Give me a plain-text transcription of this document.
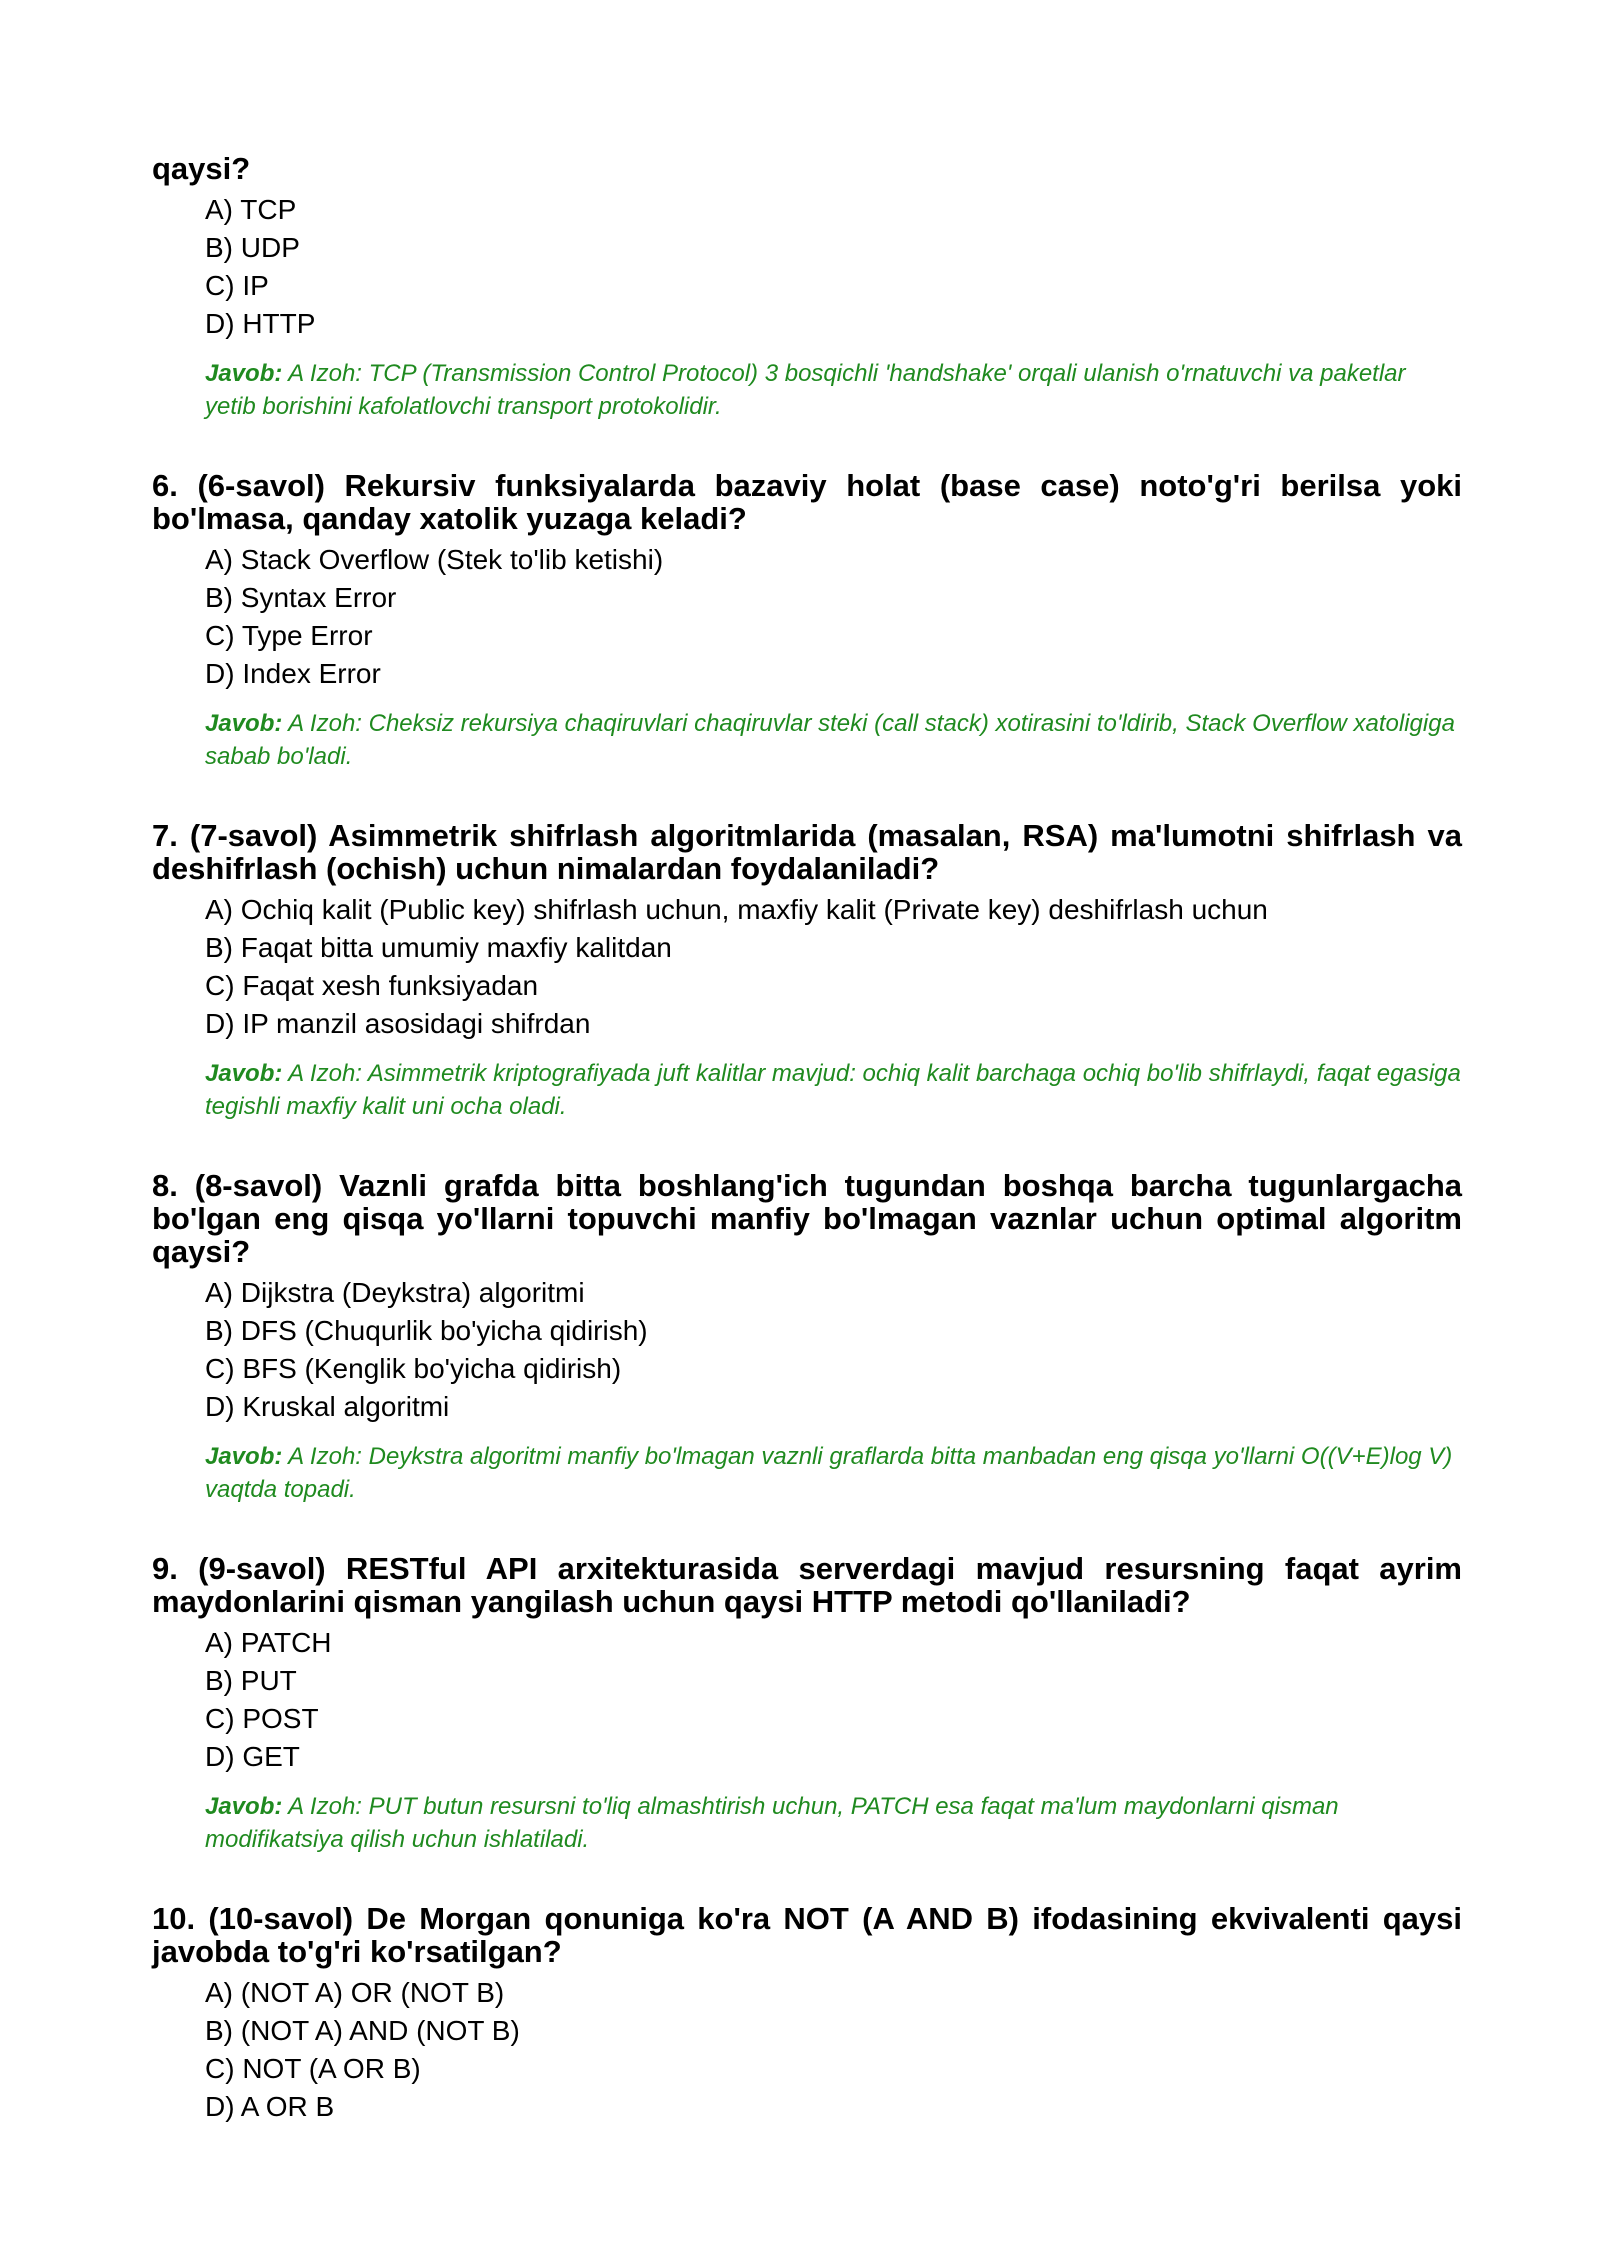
qaysi?

A) TCP
B) UDP
C) IP
D) HTTP
Javob: A Izoh: TCP (Transmission Control Protocol) 3 bosqichli 'handshake' orqali ulanish o'rnatuvchi va paketlar yetib borishini kafolatlovchi transport protokolidir.

6. (6-savol) Rekursiv funksiyalarda bazaviy holat (base case) noto'g'ri berilsa yoki bo'lmasa, qanday xatolik yuzaga keladi?

A) Stack Overflow (Stek to'lib ketishi)
B) Syntax Error
C) Type Error
D) Index Error
Javob: A Izoh: Cheksiz rekursiya chaqiruvlari chaqiruvlar steki (call stack) xotirasini to'ldirib, Stack Overflow xatoligiga sabab bo'ladi.

7. (7-savol) Asimmetrik shifrlash algoritmlarida (masalan, RSA) ma'lumotni shifrlash va deshifrlash (ochish) uchun nimalardan foydalaniladi?

A) Ochiq kalit (Public key) shifrlash uchun, maxfiy kalit (Private key) deshifrlash uchun
B) Faqat bitta umumiy maxfiy kalitdan
C) Faqat xesh funksiyadan
D) IP manzil asosidagi shifrdan
Javob: A Izoh: Asimmetrik kriptografiyada juft kalitlar mavjud: ochiq kalit barchaga ochiq bo'lib shifrlaydi, faqat egasiga tegishli maxfiy kalit uni ocha oladi.

8. (8-savol) Vaznli grafda bitta boshlang'ich tugundan boshqa barcha tugunlargacha bo'lgan eng qisqa yo'llarni topuvchi manfiy bo'lmagan vaznlar uchun optimal algoritm qaysi?

A) Dijkstra (Deykstra) algoritmi
B) DFS (Chuqurlik bo'yicha qidirish)
C) BFS (Kenglik bo'yicha qidirish)
D) Kruskal algoritmi
Javob: A Izoh: Deykstra algoritmi manfiy bo'lmagan vaznli graflarda bitta manbadan eng qisqa yo'llarni O((V+E)log V) vaqtda topadi.

9. (9-savol) RESTful API arxitekturasida serverdagi mavjud resursning faqat ayrim maydonlarini qisman yangilash uchun qaysi HTTP metodi qo'llaniladi?

A) PATCH
B) PUT
C) POST
D) GET
Javob: A Izoh: PUT butun resursni to'liq almashtirish uchun, PATCH esa faqat ma'lum maydonlarni qisman modifikatsiya qilish uchun ishlatiladi.

10. (10-savol) De Morgan qonuniga ko'ra NOT (A AND B) ifodasining ekvivalenti qaysi javobda to'g'ri ko'rsatilgan?

A) (NOT A) OR (NOT B)
B) (NOT A) AND (NOT B)
C) NOT (A OR B)
D) A OR B
